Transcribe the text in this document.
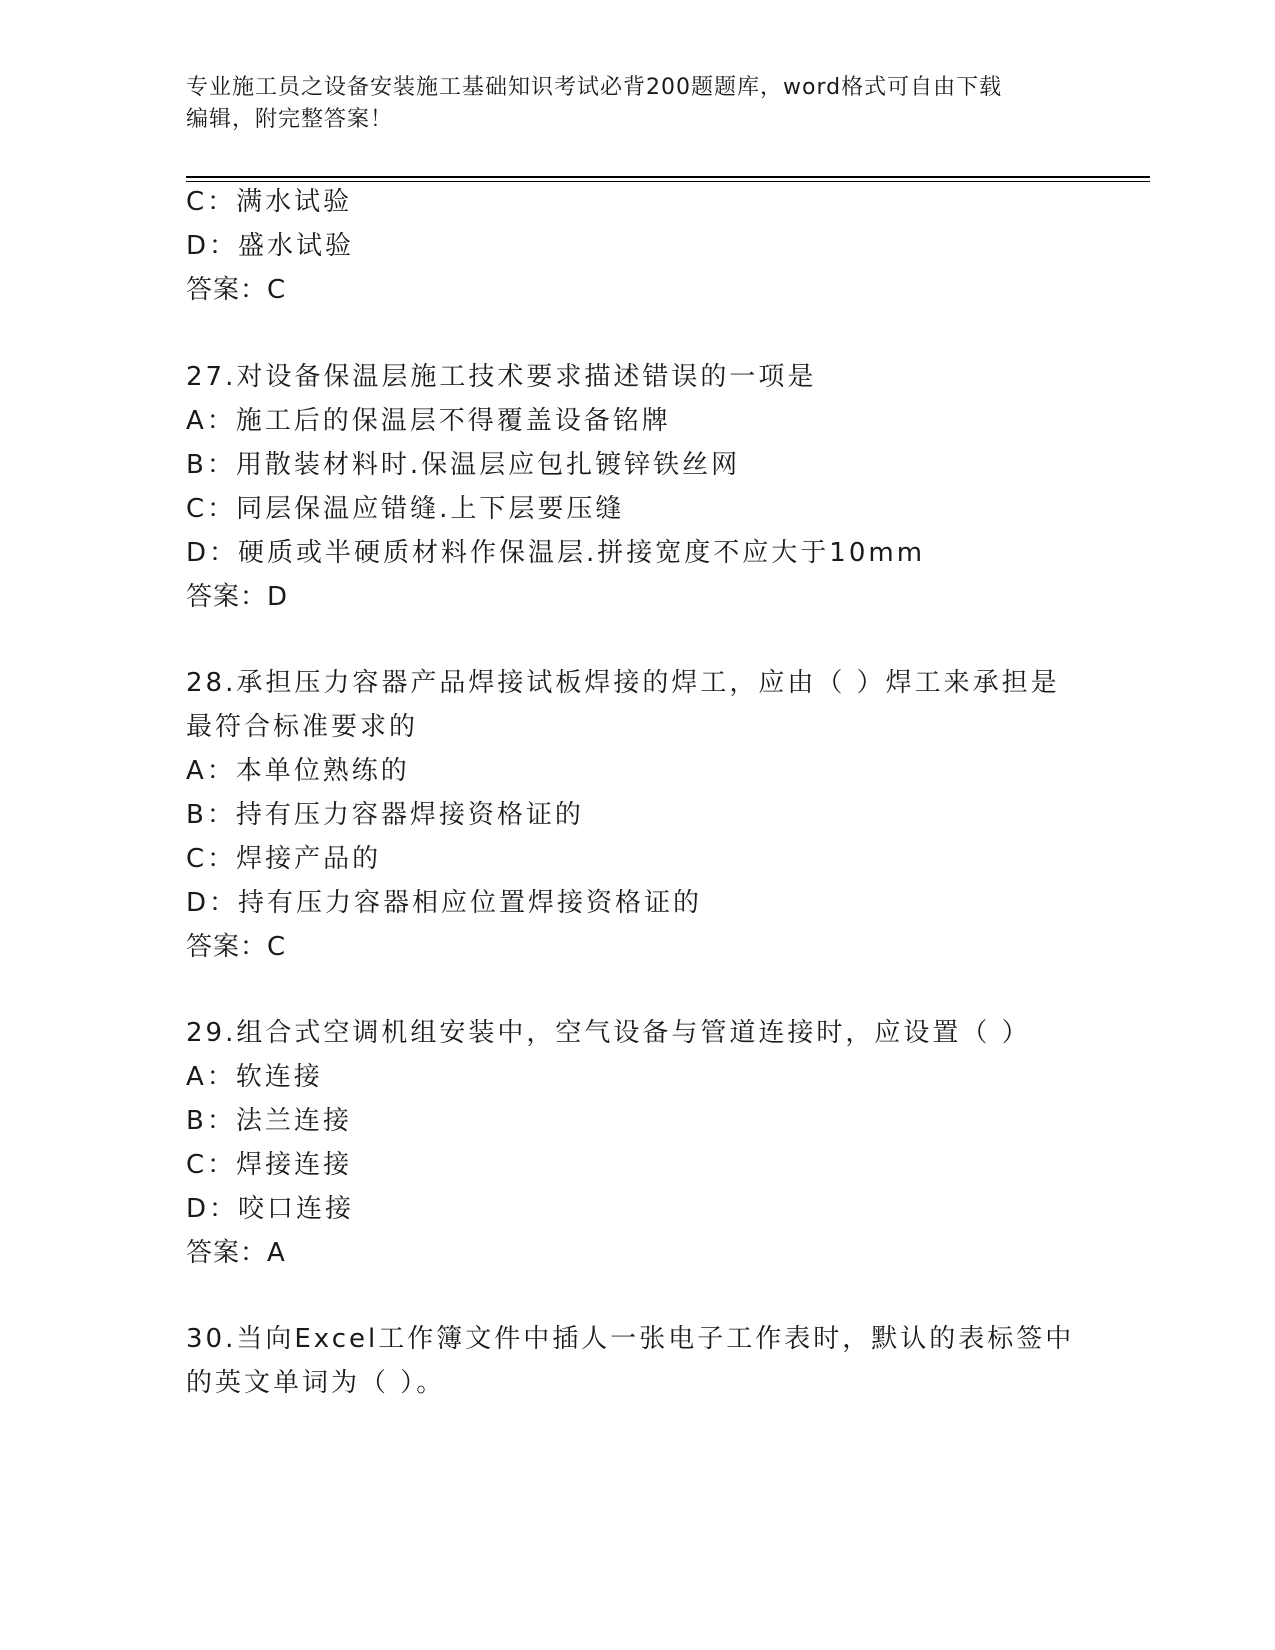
专业施工员之设备安装施工基础知识考试必背200题题库，word格式可自由下载
编辑，附完整答案！
C：满水试验
D：盛水试验
答案：C
27.对设备保温层施工技术要求描述错误的一项是
A：施工后的保温层不得覆盖设备铭牌
B：用散装材料时.保温层应包扎镀锌铁丝网
C：同层保温应错缝.上下层要压缝
D：硬质或半硬质材料作保温层.拼接宽度不应大于10mm
答案：D
28.承担压力容器产品焊接试板焊接的焊工，应由（ ）焊工来承担是
最符合标准要求的
A：本单位熟练的
B：持有压力容器焊接资格证的
C：焊接产品的
D：持有压力容器相应位置焊接资格证的
答案：C
29.组合式空调机组安装中，空气设备与管道连接时，应设置（ ）
A：软连接
B：法兰连接
C：焊接连接
D：咬口连接
答案：A
30.当向Excel工作簿文件中插人一张电子工作表时，默认的表标签中
的英文单词为（ ）。
